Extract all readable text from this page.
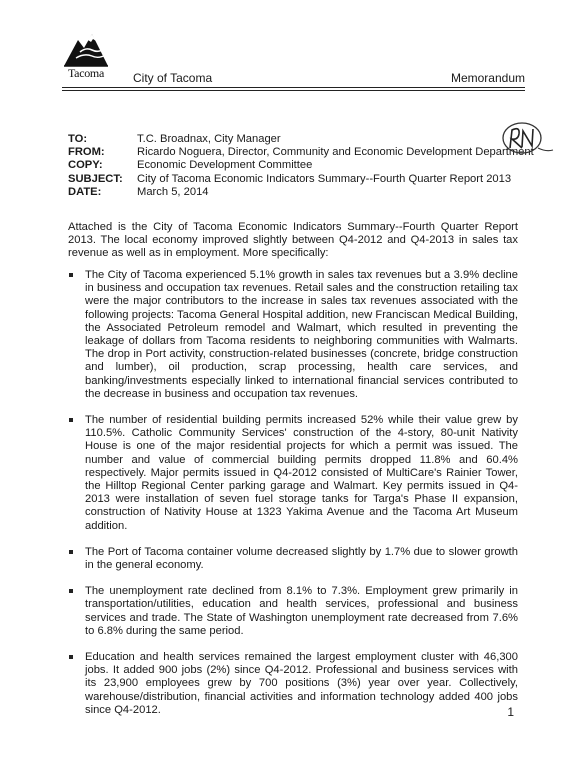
Tacoma	City of Tacoma	Memorandum
TO:	T.C. Broadnax, City Manager
FROM:	Ricardo Noguera, Director, Community and Economic Development Department
COPY:	Economic Development Committee
SUBJECT:	City of Tacoma Economic Indicators Summary--Fourth Quarter Report 2013
DATE:	March 5, 2014
Attached is the City of Tacoma Economic Indicators Summary--Fourth Quarter Report 2013. The local economy improved slightly between Q4-2012 and Q4-2013 in sales tax revenue as well as in employment. More specifically:
The City of Tacoma experienced 5.1% growth in sales tax revenues but a 3.9% decline in business and occupation tax revenues. Retail sales and the construction retailing tax were the major contributors to the increase in sales tax revenues associated with the following projects: Tacoma General Hospital addition, new Franciscan Medical Building, the Associated Petroleum remodel and Walmart, which resulted in preventing the leakage of dollars from Tacoma residents to neighboring communities with Walmarts. The drop in Port activity, construction-related businesses (concrete, bridge construction and lumber), oil production, scrap processing, health care services, and banking/investments especially linked to international financial services contributed to the decrease in business and occupation tax revenues.
The number of residential building permits increased 52% while their value grew by 110.5%. Catholic Community Services' construction of the 4-story, 80-unit Nativity House is one of the major residential projects for which a permit was issued. The number and value of commercial building permits dropped 11.8% and 60.4% respectively. Major permits issued in Q4-2012 consisted of MultiCare's Rainier Tower, the Hilltop Regional Center parking garage and Walmart. Key permits issued in Q4-2013 were installation of seven fuel storage tanks for Targa's Phase II expansion, construction of Nativity House at 1323 Yakima Avenue and the Tacoma Art Museum addition.
The Port of Tacoma container volume decreased slightly by 1.7% due to slower growth in the general economy.
The unemployment rate declined from 8.1% to 7.3%. Employment grew primarily in transportation/utilities, education and health services, professional and business services and trade. The State of Washington unemployment rate decreased from 7.6% to 6.8% during the same period.
Education and health services remained the largest employment cluster with 46,300 jobs. It added 900 jobs (2%) since Q4-2012. Professional and business services with its 23,900 employees grew by 700 positions (3%) year over year. Collectively, warehouse/distribution, financial activities and information technology added 400 jobs since Q4-2012.	1
